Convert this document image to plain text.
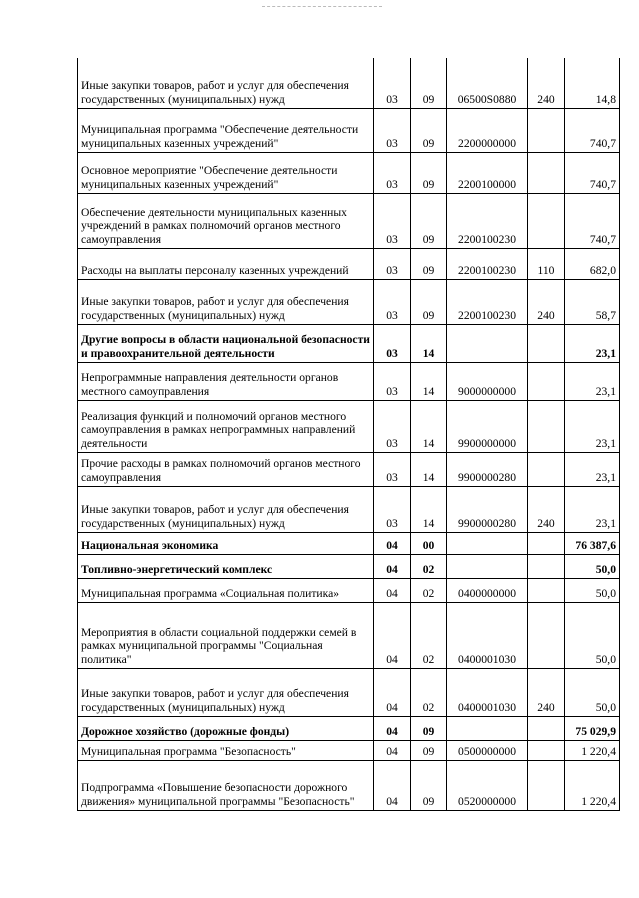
Иные закупки товаров, работ и услуг для обеспечения государственных (муниципальных) нужд	03	09	06500S0880	240	14,8
Муниципальная программа "Обеспечение деятельности муниципальных казенных учреждений"	03	09	2200000000		740,7
Основное мероприятие "Обеспечение деятельности муниципальных казенных учреждений"	03	09	2200100000		740,7
Обеспечение деятельности муниципальных казенных учреждений в рамках полномочий органов местного самоуправления	03	09	2200100230		740,7
Расходы на выплаты персоналу казенных учреждений	03	09	2200100230	110	682,0
Иные закупки товаров, работ и услуг для обеспечения государственных (муниципальных) нужд	03	09	2200100230	240	58,7
Другие вопросы в области национальной безопасности и правоохранительной деятельности	03	14			23,1
Непрограммные направления деятельности органов местного самоуправления	03	14	9000000000		23,1
Реализация функций и полномочий органов местного самоуправления в рамках непрограммных направлений деятельности	03	14	9900000000		23,1
Прочие расходы в рамках полномочий органов местного самоуправления	03	14	9900000280		23,1
Иные закупки товаров, работ и услуг для обеспечения государственных (муниципальных) нужд	03	14	9900000280	240	23,1
Национальная экономика	04	00			76 387,6
Топливно-энергетический комплекс	04	02			50,0
Муниципальная программа «Социальная политика»	04	02	0400000000		50,0
Мероприятия в области социальной поддержки семей в рамках муниципальной программы "Социальная политика"	04	02	0400001030		50,0
Иные закупки товаров, работ и услуг для обеспечения государственных (муниципальных) нужд	04	02	0400001030	240	50,0
Дорожное хозяйство (дорожные фонды)	04	09			75 029,9
Муниципальная программа "Безопасность"	04	09	0500000000		1 220,4
Подпрограмма «Повышение безопасности дорожного движения» муниципальной программы "Безопасность"	04	09	0520000000		1 220,4
